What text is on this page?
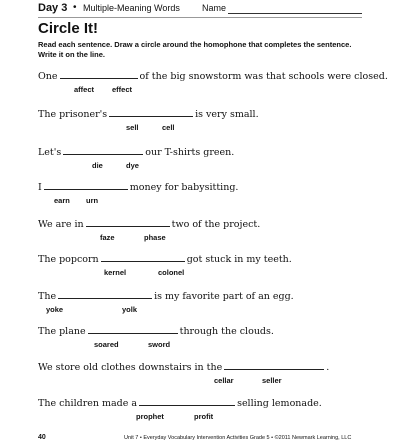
Day 3 • Multiple-Meaning Words Name
Circle It!
Read each sentence. Draw a circle around the homophone that completes the sentence. Write it on the line.
One	of the big snowstorm was that schools were closed.
affect effect
The prisoner's	is very small.
sell	cell
Let's	our T-shirts green.
die	dye
I	money for babysitting.
earn urn
We are in	two of the project.
faze	phase
The popcorn	got stuck in my teeth.
kernel	colonel
The	is my favorite part of an egg.
yoke	yolk
The plane	through the clouds.
soared	sword
We store old clothes downstairs in the	.
cellar	seller
The children made a	selling lemonade.
prophet	profit
40	Unit 7 • Everyday Vocabulary Intervention Activities Grade 5 • ©2011 Newmark Learning, LLC
